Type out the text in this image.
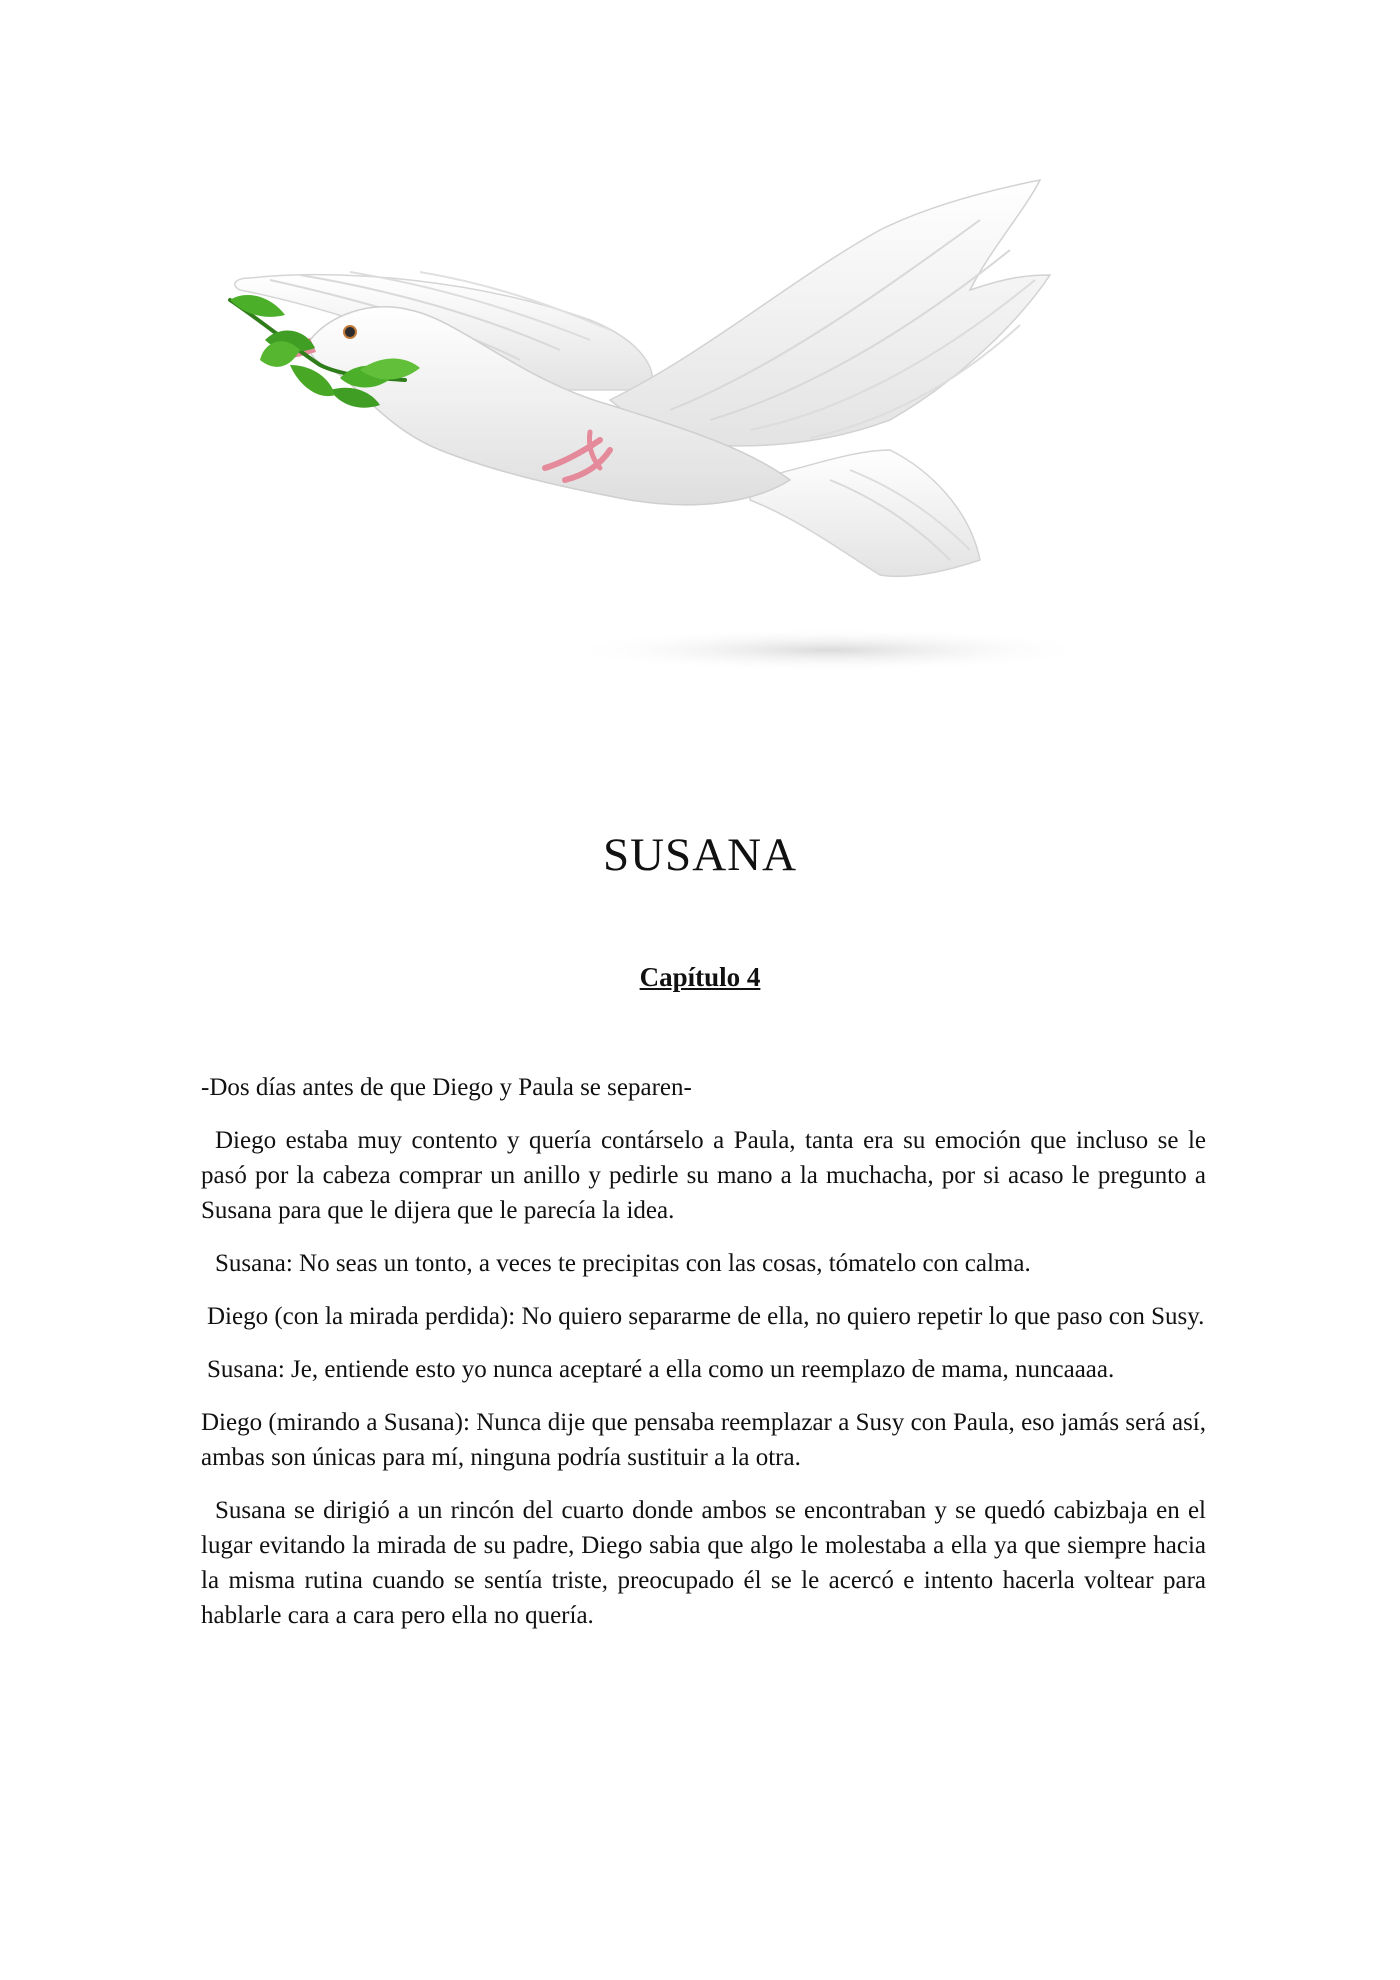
SUSANA
Capítulo 4

-Dos días antes de que Diego y Paula se separen-

Diego estaba muy contento y quería contárselo a Paula, tanta era su emoción que incluso se le pasó por la cabeza comprar un anillo y pedirle su mano a la muchacha, por si acaso le pregunto a Susana para que le dijera que le parecía la idea.

Susana: No seas un tonto, a veces te precipitas con las cosas, tómatelo con calma.

Diego (con la mirada perdida): No quiero separarme de ella, no quiero repetir lo que paso con Susy.

Susana: Je, entiende esto yo nunca aceptaré a ella como un reemplazo de mama, nuncaaaa.

Diego (mirando a Susana): Nunca dije que pensaba reemplazar a Susy con Paula, eso jamás será así, ambas son únicas para mí, ninguna podría sustituir a la otra.

Susana se dirigió a un rincón del cuarto donde ambos se encontraban y se quedó cabizbaja en el lugar evitando la mirada de su padre, Diego sabia que algo le molestaba a ella ya que siempre hacia la misma rutina cuando se sentía triste, preocupado él se le acercó e intento hacerla voltear para hablarle cara a cara pero ella no quería.
